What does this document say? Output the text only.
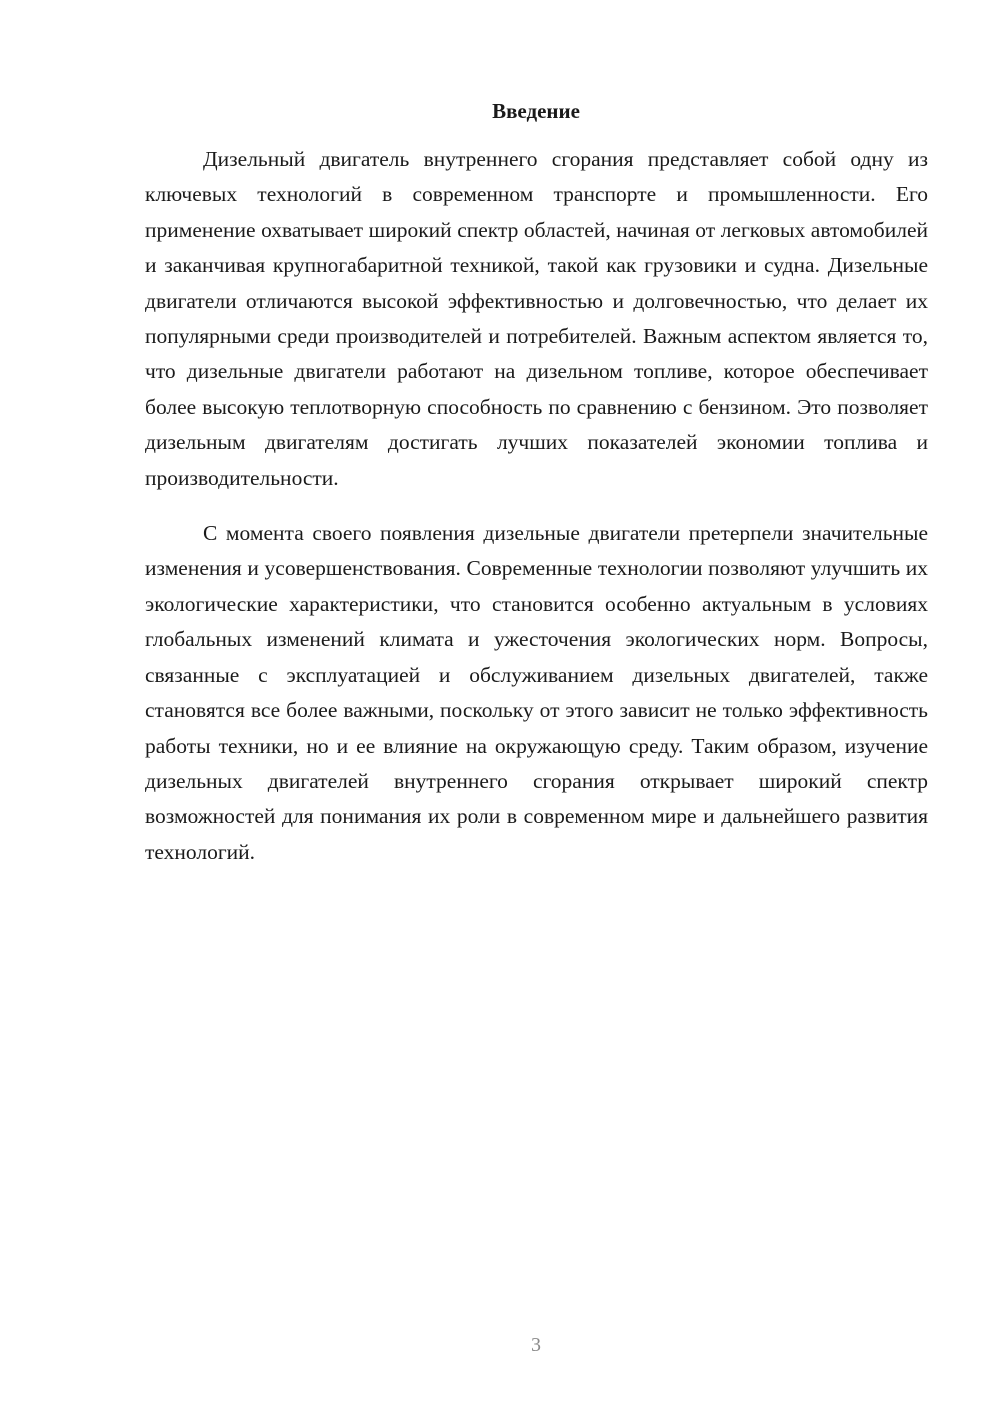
Введение

Дизельный двигатель внутреннего сгорания представляет собой одну из ключевых технологий в современном транспорте и промышленности. Его применение охватывает широкий спектр областей, начиная от легковых автомобилей и заканчивая крупногабаритной техникой, такой как грузовики и судна. Дизельные двигатели отличаются высокой эффективностью и долговечностью, что делает их популярными среди производителей и потребителей. Важным аспектом является то, что дизельные двигатели работают на дизельном топливе, которое обеспечивает более высокую теплотворную способность по сравнению с бензином. Это позволяет дизельным двигателям достигать лучших показателей экономии топлива и производительности.

С момента своего появления дизельные двигатели претерпели значительные изменения и усовершенствования. Современные технологии позволяют улучшить их экологические характеристики, что становится особенно актуальным в условиях глобальных изменений климата и ужесточения экологических норм. Вопросы, связанные с эксплуатацией и обслуживанием дизельных двигателей, также становятся все более важными, поскольку от этого зависит не только эффективность работы техники, но и ее влияние на окружающую среду. Таким образом, изучение дизельных двигателей внутреннего сгорания открывает широкий спектр возможностей для понимания их роли в современном мире и дальнейшего развития технологий.

3
